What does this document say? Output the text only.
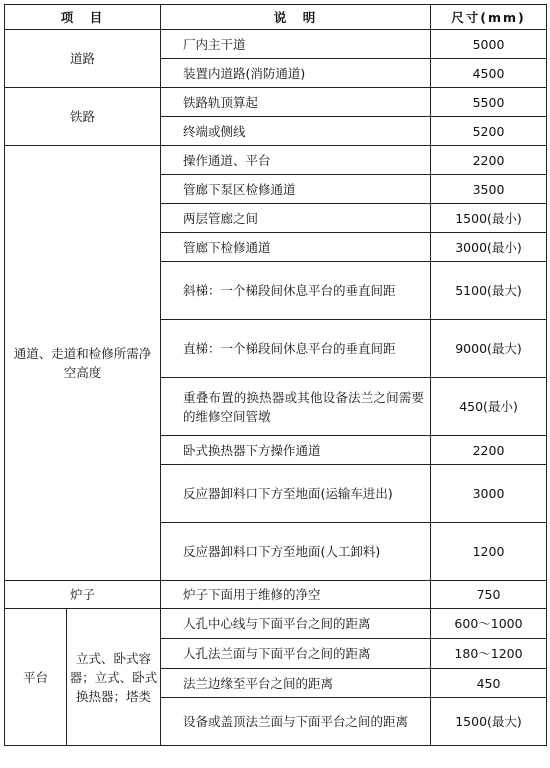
项　目		说　明	尺寸(mm)
道路		厂内主干道	5000
		装置内道路(消防通道)	4500
铁路		铁路轨顶算起	5500
		终端或侧线	5200
通道、走道和检修所需净空高度		操作通道、平台	2200
		管廊下泵区检修通道	3500
		两层管廊之间	1500(最小)
		管廊下检修通道	3000(最小)
		斜梯：一个梯段间休息平台的垂直间距	5100(最大)
		直梯：一个梯段间休息平台的垂直间距	9000(最大)
		重叠布置的换热器或其他设备法兰之间需要的维修空间管墩	450(最小)
		卧式换热器下方操作通道	2200
		反应器卸料口下方至地面(运输车进出)	3000
		反应器卸料口下方至地面(人工卸料)	1200
炉子		炉子下面用于维修的净空	750
平台	立式、卧式容器；立式、卧式换热器；塔类	人孔中心线与下面平台之间的距离	600～1000
		人孔法兰面与下面平台之间的距离	180～1200
		法兰边缘至平台之间的距离	450
		设备或盖顶法兰面与下面平台之间的距离	1500(最大)
